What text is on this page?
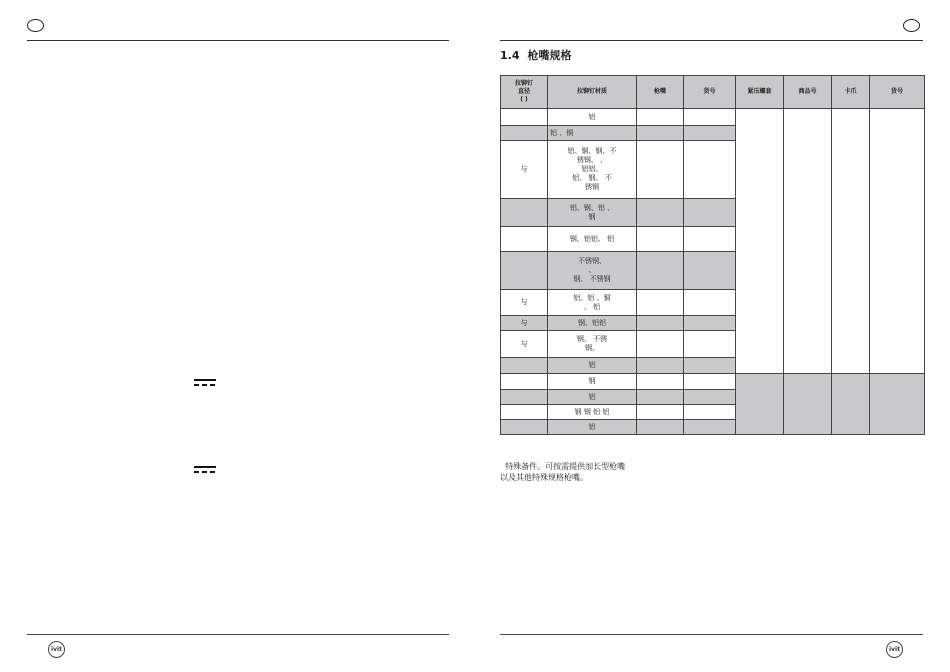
ivit
1.4 枪嘴规格
拉铆钉
直径
( )	拉铆钉材质	枪嘴	货号	紧压螺套	商品号	卡爪	货号
	铝						
	铝 、铜						
与	铝、铜、钢、不
锈钢、 、
铝铝、
铝、 钢、 不
锈钢						
	铝、钢、铝 、
钢						
	钢、铝铝、 铝						
	不锈钢、
、
钢、 不锈钢						
与	铝、铝 、铜
、 铝						
与	钢、铝铝						
与	钢、 不锈
钢、						
	铝						
	钢						
	铝						
	钢 钢 铝 铝						
	铝						
特殊备件。可按需提供加长型枪嘴
以及其他特殊规格枪嘴。
ivit
